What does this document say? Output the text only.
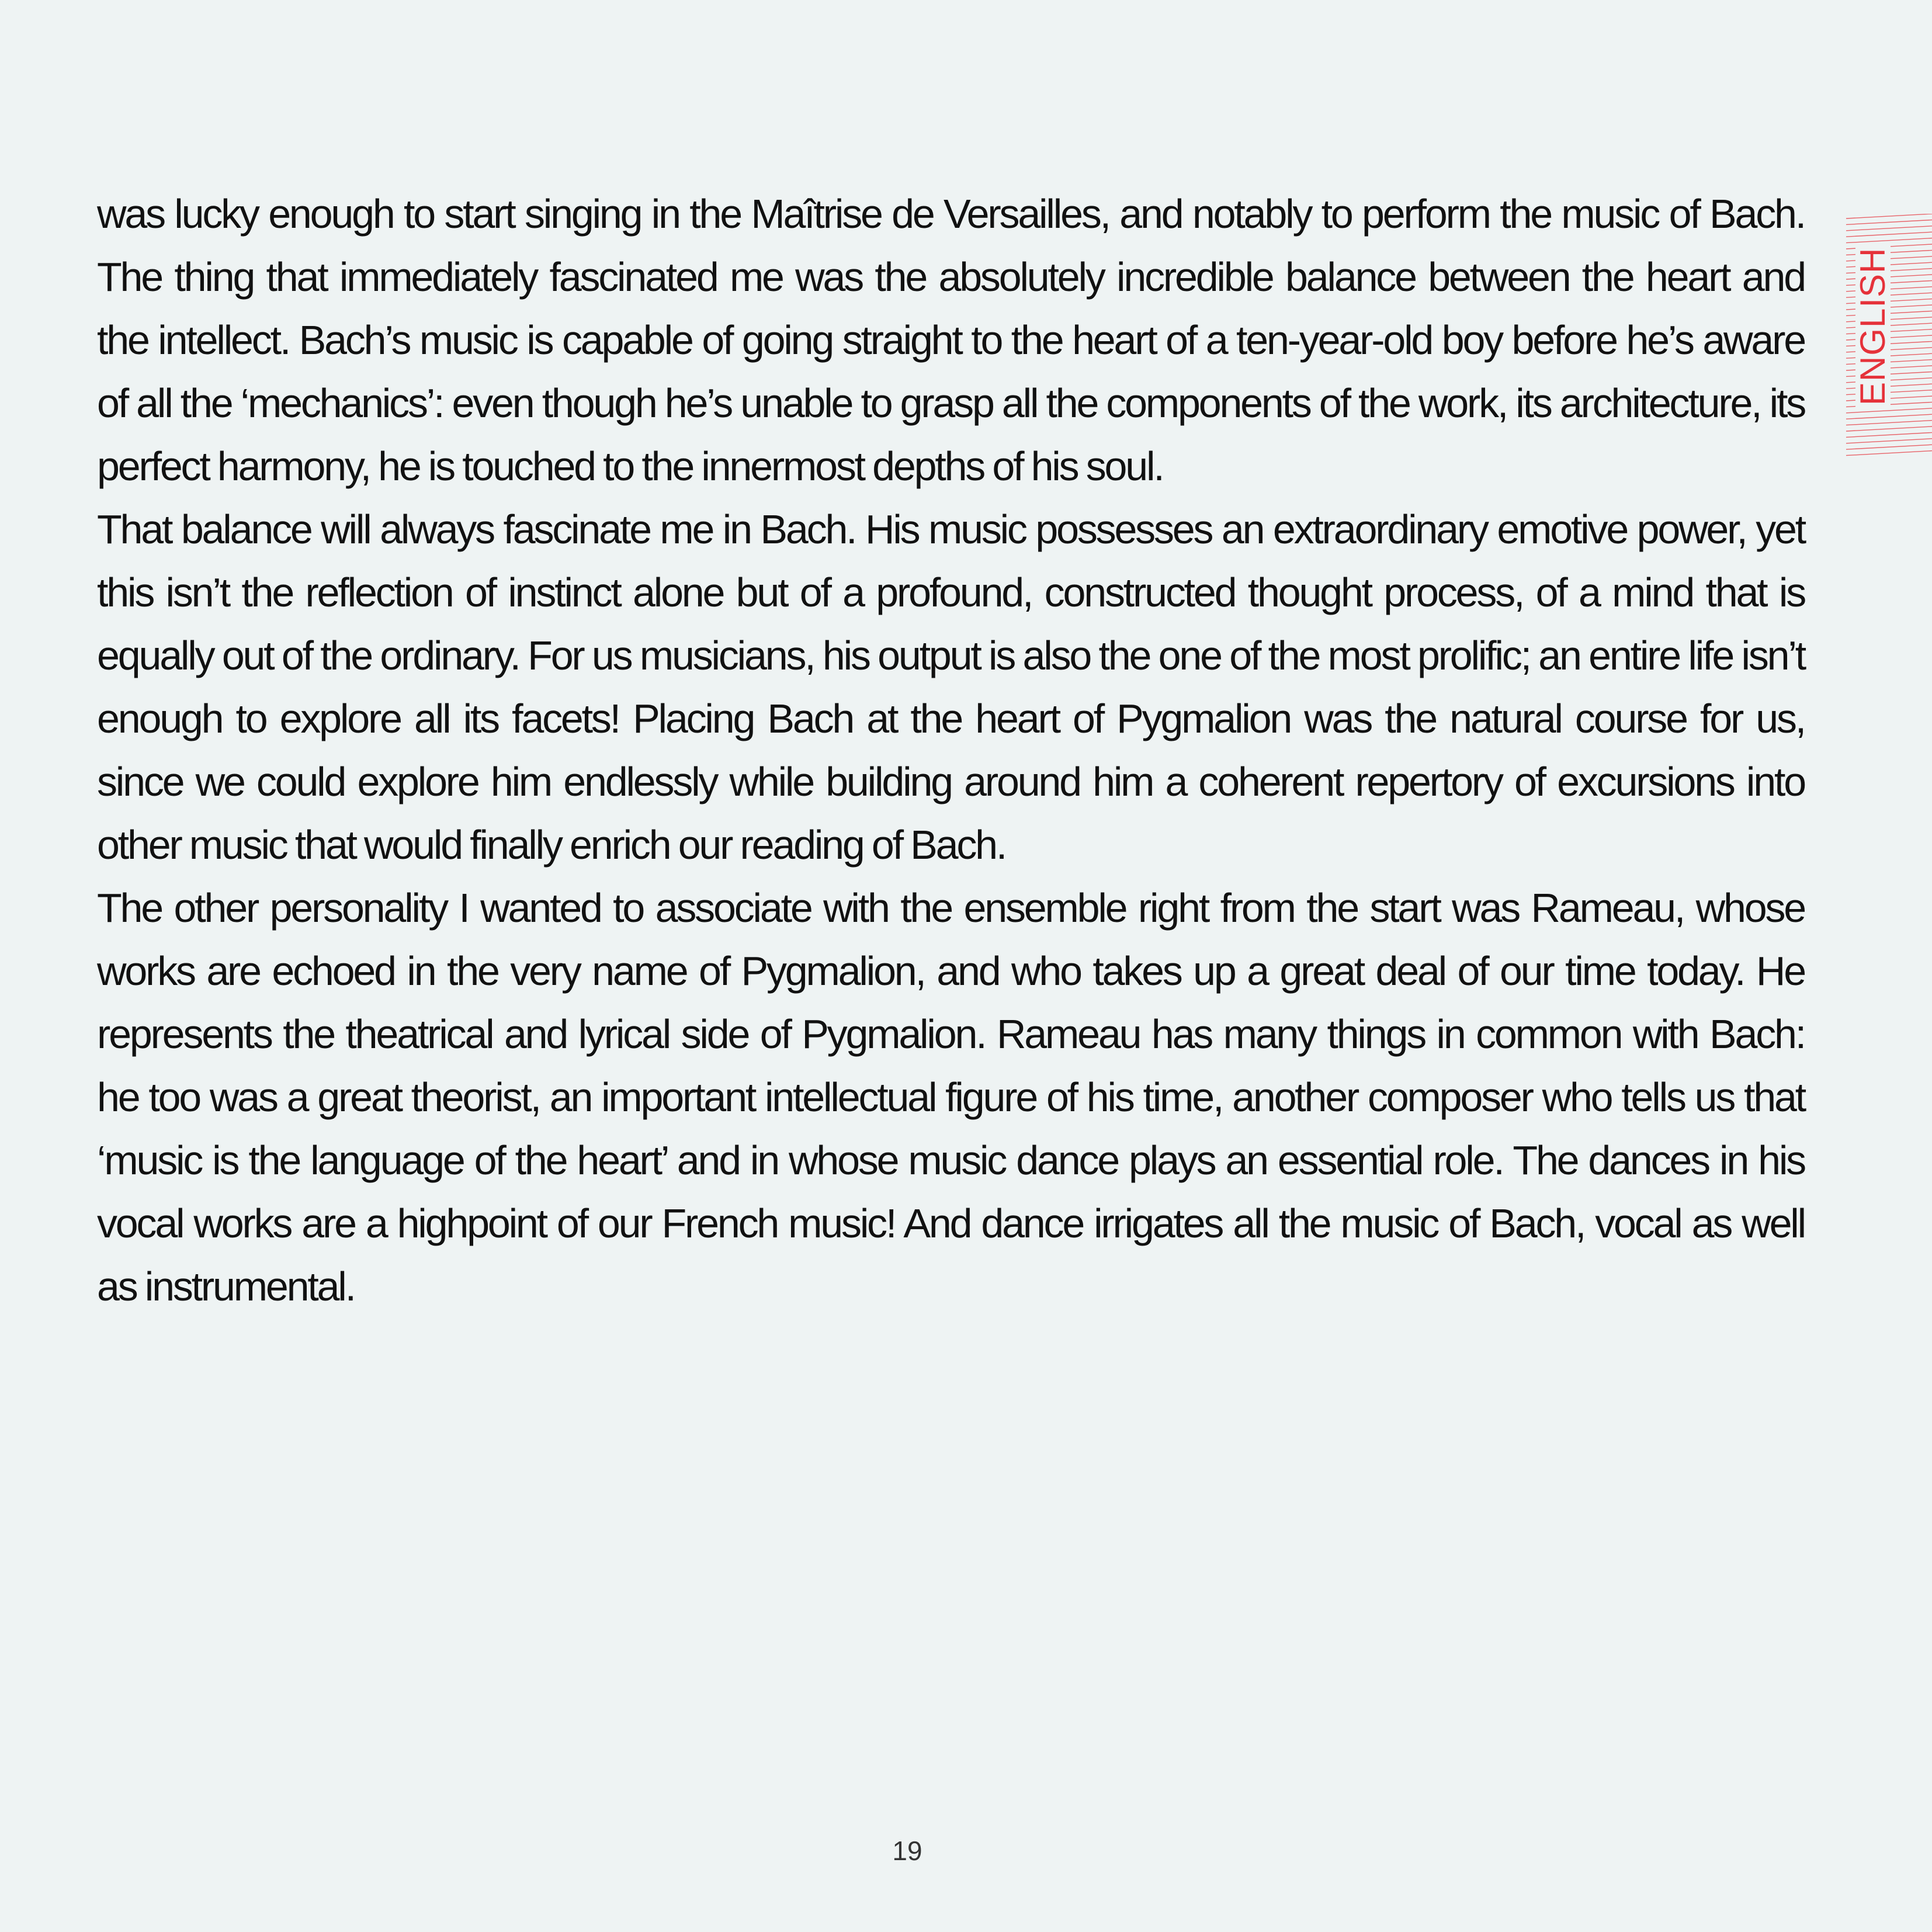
was lucky enough to start singing in the Maîtrise de Versailles, and notably to perform the music of Bach. The thing that immediately fascinated me was the absolutely incredible balance between the heart and the intellect. Bach’s music is capable of going straight to the heart of a ten-year-old boy before he’s aware of all the ‘mechanics’: even though he’s unable to grasp all the components of the work, its architecture, its perfect harmony, he is touched to the innermost depths of his soul.

That balance will always fascinate me in Bach. His music possesses an extraordinary emotive power, yet this isn’t the reflection of instinct alone but of a profound, constructed thought process, of a mind that is equally out of the ordinary. For us musicians, his output is also the one of the most prolific; an entire life isn’t enough to explore all its facets! Placing Bach at the heart of Pygmalion was the natural course for us, since we could explore him endlessly while building around him a coherent repertory of excursions into other music that would finally enrich our reading of Bach.

The other personality I wanted to associate with the ensemble right from the start was Rameau, whose works are echoed in the very name of Pygmalion, and who takes up a great deal of our time today. He represents the theatrical and lyrical side of Pygmalion. Rameau has many things in common with Bach: he too was a great theorist, an important intellectual figure of his time, another composer who tells us that ‘music is the language of the heart’ and in whose music dance plays an essential role. The dances in his vocal works are a highpoint of our French music! And dance irrigates all the music of Bach, vocal as well as instrumental.

ENGLISH
19
